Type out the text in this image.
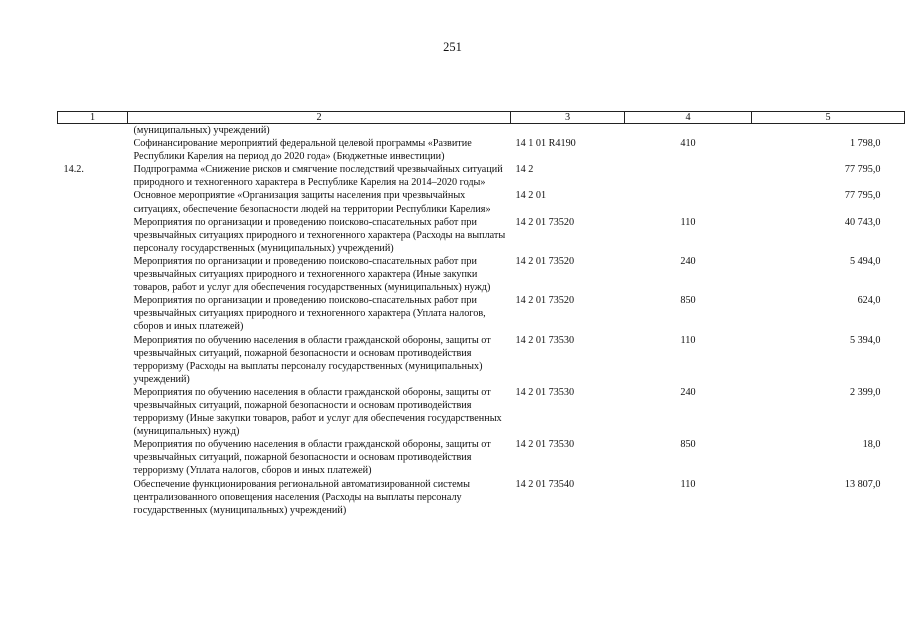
251
1	2	3	4	5
	(муниципальных) учреждений)			
	Софинансирование мероприятий федеральной целевой программы «Развитие Республики Карелия на период до 2020 года» (Бюджетные инвестиции)	14 1 01 R4190	410	1 798,0
14.2.	Подпрограмма «Снижение рисков и смягчение последствий чрезвычайных ситуаций природного и техногенного характера в Республике Карелия на 2014–2020 годы»	14 2		77 795,0
	Основное мероприятие «Организация защиты населения при чрезвычайных ситуациях, обеспечение безопасности людей на территории Республики Карелия»	14 2 01		77 795,0
	Мероприятия по организации и проведению поисково-спасательных работ при чрезвычайных ситуациях природного и техногенного характера (Расходы на выплаты персоналу государственных (муниципальных) учреждений)	14 2 01 73520	110	40 743,0
	Мероприятия по организации и проведению поисково-спасательных работ при чрезвычайных ситуациях природного и техногенного характера (Иные закупки товаров, работ и услуг для обеспечения государственных (муниципальных) нужд)	14 2 01 73520	240	5 494,0
	Мероприятия по организации и проведению поисково-спасательных работ при чрезвычайных ситуациях природного и техногенного характера (Уплата налогов, сборов и иных платежей)	14 2 01 73520	850	624,0
	Мероприятия по обучению населения в области гражданской обороны, защиты от чрезвычайных ситуаций, пожарной безопасности и основам противодействия терроризму (Расходы на выплаты персоналу государственных (муниципальных) учреждений)	14 2 01 73530	110	5 394,0
	Мероприятия по обучению населения в области гражданской обороны, защиты от чрезвычайных ситуаций, пожарной безопасности и основам противодействия терроризму (Иные закупки товаров, работ и услуг для обеспечения государственных (муниципальных) нужд)	14 2 01 73530	240	2 399,0
	Мероприятия по обучению населения в области гражданской обороны, защиты от чрезвычайных ситуаций, пожарной безопасности и основам противодействия терроризму (Уплата налогов, сборов и иных платежей)	14 2 01 73530	850	18,0
	Обеспечение функционирования региональной автоматизированной системы централизованного оповещения населения (Расходы на выплаты персоналу государственных (муниципальных) учреждений)	14 2 01 73540	110	13 807,0
